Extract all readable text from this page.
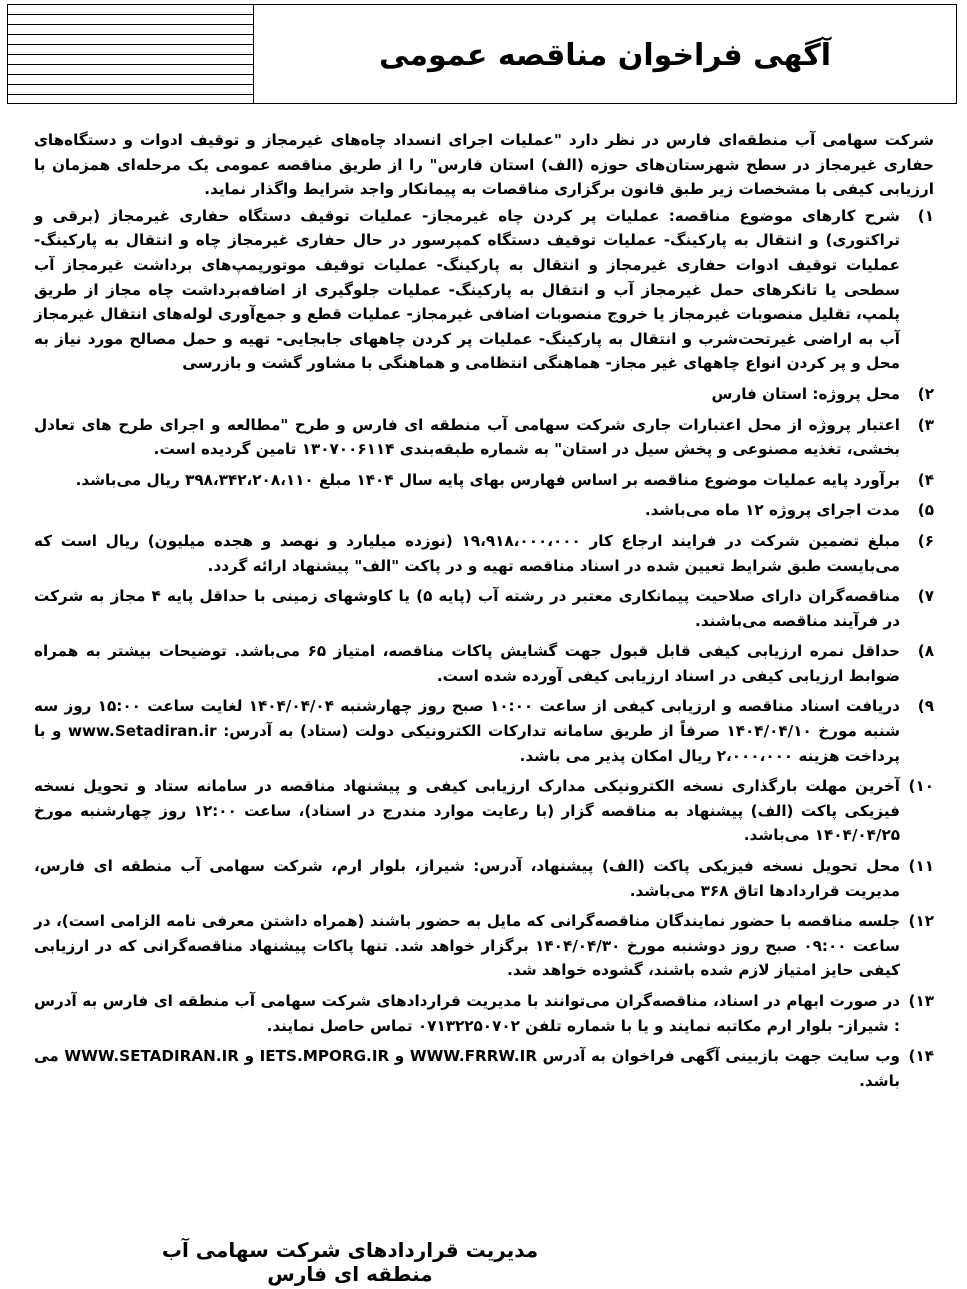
آگهی فراخوان مناقصه عمومی

شرکت سهامی آب منطقه‌ای فارس در نظر دارد "عملیات اجرای انسداد چاه‌های غیرمجاز و توقیف ادوات و دستگاه‌های حفاری غیرمجاز در سطح شهرستان‌های حوزه (الف) استان فارس" را از طریق مناقصه عمومی یک مرحله‌ای همزمان با ارزیابی کیفی با مشخصات زیر طبق قانون برگزاری مناقصات به پیمانکار واجد شرایط واگذار نماید.

۱ )
شرح کارهای موضوع مناقصه: عملیات پر کردن چاه غیرمجاز- عملیات توقیف دستگاه حفاری غیرمجاز (برقی و تراکتوری) و انتقال به پارکینگ- عملیات توقیف دستگاه کمپرسور در حال حفاری غیرمجاز چاه و انتقال به پارکینگ- عملیات توقیف ادوات حفاری غیرمجاز و انتقال به پارکینگ- عملیات توقیف موتورپمپ‌های برداشت غیرمجاز آب سطحی یا تانکرهای حمل غیرمجاز آب و انتقال به پارکینگ- عملیات جلوگیری از اضافه‌برداشت چاه مجاز از طریق پلمپ، تقلیل منصوبات غیرمجاز یا خروج منصوبات اضافی غیرمجاز- عملیات قطع و جمع‌آوری لوله‌های انتقال غیرمجاز آب به اراضی غیرتحت‌شرب و انتقال به پارکینگ- عملیات پر کردن چاههای جابجایی- تهیه و حمل مصالح مورد نیاز به محل و پر کردن انواع چاههای غیر مجاز- هماهنگی انتظامی و هماهنگی با مشاور گشت و بازرسی
۲ )
محل پروژه: استان فارس
۳ )
اعتبار پروژه از محل اعتبارات جاری شرکت سهامی آب منطقه ای فارس و طرح "مطالعه و اجرای طرح های تعادل بخشی، تغذیه مصنوعی و پخش سیل در استان" به شماره طبقه‌بندی ۱۳۰۷۰۰۶۱۱۴ تامین گردیده است.
۴ )
برآورد پایه عملیات موضوع مناقصه بر اساس فهارس بهای پایه سال ۱۴۰۴ مبلغ ۳۹۸،۳۴۲،۲۰۸،۱۱۰ ریال می‌باشد.
۵ )
مدت اجرای پروژه ۱۲ ماه می‌باشد.
۶ )
مبلغ تضمین شرکت در فرایند ارجاع کار ۱۹،۹۱۸،۰۰۰،۰۰۰ (نوزده میلیارد و نهصد و هجده میلیون) ریال است که می‌بایست طبق شرایط تعیین شده در اسناد مناقصه تهیه و در پاکت "الف" پیشنهاد ارائه گردد.
۷ )
مناقصه‌گران دارای صلاحیت پیمانکاری معتبر در رشته آب (پایه ۵) یا کاوشهای زمینی با حداقل پایه ۴ مجاز به شرکت در فرآیند مناقصه می‌باشند.
۸ )
حداقل نمره ارزیابی کیفی قابل قبول جهت گشایش پاکات مناقصه، امتیاز ۶۵ می‌باشد. توضیحات بیشتر به همراه ضوابط ارزیابی کیفی در اسناد ارزیابی کیفی آورده شده است.
۹ )
دریافت اسناد مناقصه و ارزیابی کیفی از ساعت ۱۰:۰۰ صبح روز چهارشنبه ۱۴۰۴/۰۴/۰۴ لغایت ساعت ۱۵:۰۰ روز سه شنبه مورخ ۱۴۰۴/۰۴/۱۰ صرفاً از طریق سامانه تدارکات الکترونیکی دولت (ستاد) به آدرس: www.Setadiran.ir و با پرداخت هزینه ۲،۰۰۰،۰۰۰ ریال امکان پذیر می باشد.
۱۰ )
آخرین مهلت بارگذاری نسخه الکترونیکی مدارک ارزیابی کیفی و پیشنهاد مناقصه در سامانه ستاد و تحویل نسخه فیزیکی پاکت (الف) پیشنهاد به مناقصه گزار (با رعایت موارد مندرج در اسناد)، ساعت ۱۲:۰۰ روز چهارشنبه مورخ ۱۴۰۴/۰۴/۲۵ می‌باشد.
۱۱ )
محل تحویل نسخه فیزیکی پاکت (الف) پیشنهاد، آدرس: شیراز، بلوار ارم، شرکت سهامی آب منطقه ای فارس، مدیریت قراردادها اتاق ۳۶۸ می‌باشد.
۱۲ )
جلسه مناقصه با حضور نمایندگان مناقصه‌گرانی که مایل به حضور باشند (همراه داشتن معرفی نامه الزامی است)، در ساعت ۰۹:۰۰ صبح روز دوشنبه مورخ ۱۴۰۴/۰۴/۳۰ برگزار خواهد شد. تنها پاکات پیشنهاد مناقصه‌گرانی که در ارزیابی کیفی حایز امتیاز لازم شده باشند، گشوده خواهد شد.
۱۳ )
در صورت ابهام در اسناد، مناقصه‌گران می‌توانند با مدیریت قراردادهای شرکت سهامی آب منطقه ای فارس به آدرس : شیراز- بلوار ارم مکاتبه نمایند و یا با شماره تلفن ۰۷۱۳۲۲۵۰۷۰۲ تماس حاصل نمایند.
۱۴ )
وب سایت جهت بازبینی آگهی فراخوان به آدرس WWW.FRRW.IR و IETS.MPORG.IR و WWW.SETADIRAN.IR می باشد.
مدیریت قراردادهای شرکت سهامی آب منطقه ای فارس
